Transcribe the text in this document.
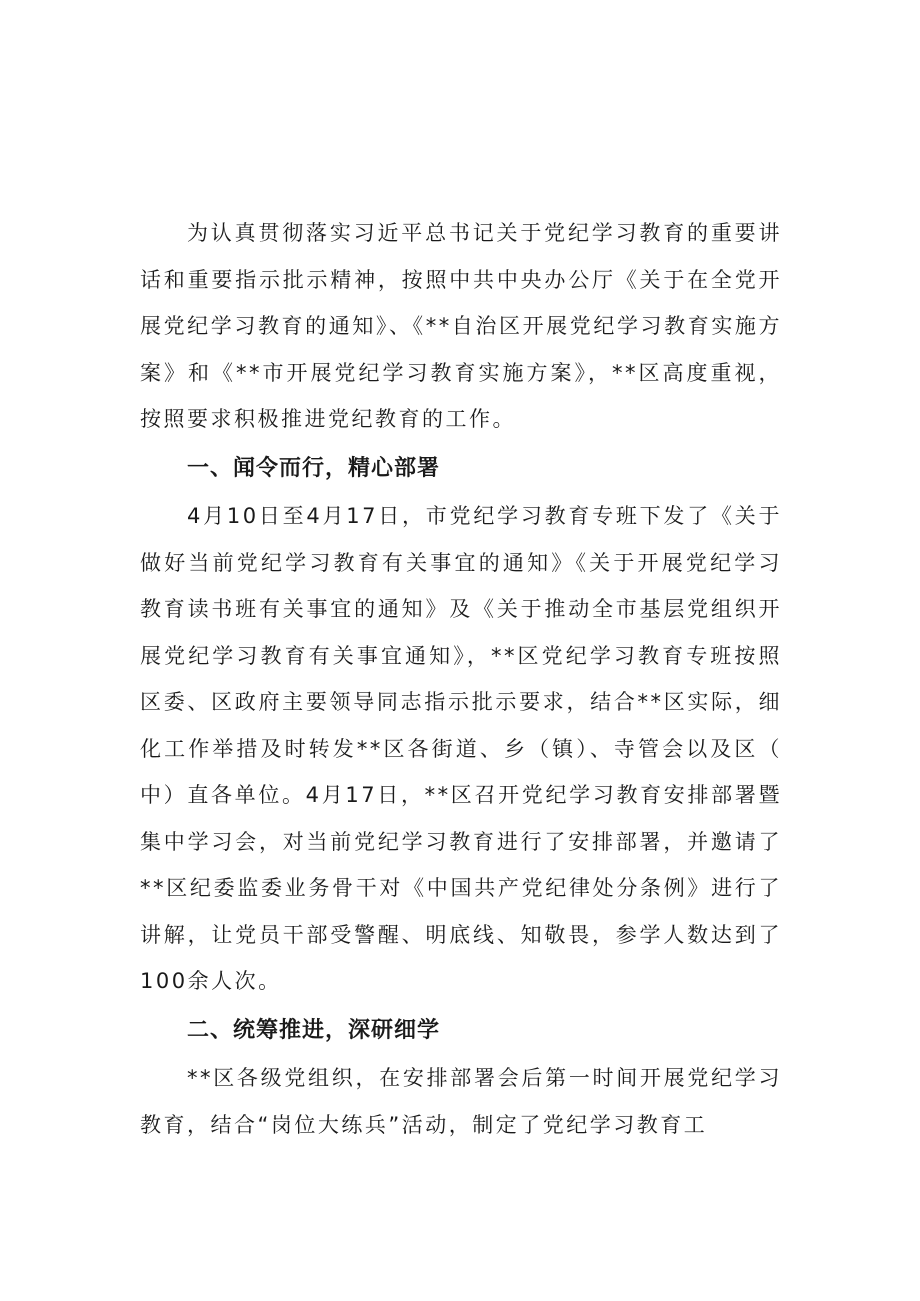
为认真贯彻落实习近平总书记关于党纪学习教育的重要讲话和重要指示批示精神，按照中共中央办公厅《关于在全党开展党纪学习教育的通知》、《**自治区开展党纪学习教育实施方案》和《**市开展党纪学习教育实施方案》，**区高度重视，按照要求积极推进党纪教育的工作。

一、闻令而行，精心部署

4月10日至4月17日，市党纪学习教育专班下发了《关于做好当前党纪学习教育有关事宜的通知》《关于开展党纪学习教育读书班有关事宜的通知》及《关于推动全市基层党组织开展党纪学习教育有关事宜通知》，**区党纪学习教育专班按照区委、区政府主要领导同志指示批示要求，结合**区实际，细化工作举措及时转发**区各街道、乡（镇）、寺管会以及区（中）直各单位。4月17日，**区召开党纪学习教育安排部署暨集中学习会，对当前党纪学习教育进行了安排部署，并邀请了**区纪委监委业务骨干对《中国共产党纪律处分条例》进行了讲解，让党员干部受警醒、明底线、知敬畏，参学人数达到了100余人次。

二、统筹推进，深研细学

**区各级党组织，在安排部署会后第一时间开展党纪学习教育，结合“岗位大练兵”活动，制定了党纪学习教育工
